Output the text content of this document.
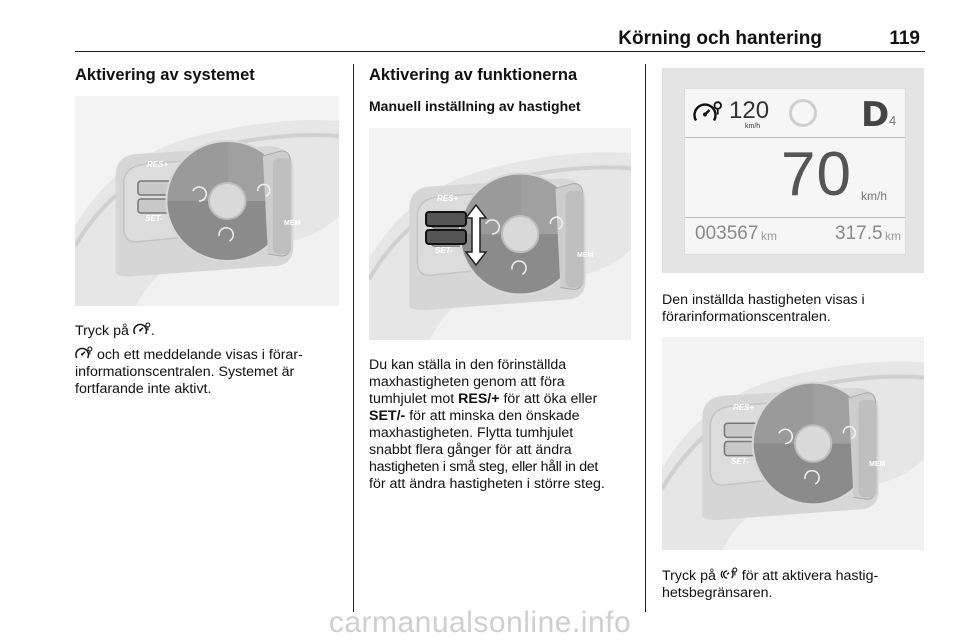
Körning och hantering	119
Aktivering av systemet
RES+
SET-
MEM
Tryck på .
och ett meddelande visas i förar-
informationscentralen. Systemet är
fortfarande inte aktivt.
Aktivering av funktionerna
Manuell inställning av hastighet
RES+
SET-
MEM
Du kan ställa in den förinställda
maxhastigheten genom att föra
tumhjulet mot RES/+ för att öka eller
SET/- för att minska den önskade
maxhastigheten. Flytta tumhjulet
snabbt flera gånger för att ändra
hastigheten i små steg, eller håll in det
för att ändra hastigheten i större steg.
120
km/h	D 4
70 km/h
003567 km	317.5 km
Den inställda hastigheten visas i
förarinformationscentralen.
RES+
SET-	MEM
Tryck på  för att aktivera hastig-
hetsbegränsaren.
carmanualsonline.info
